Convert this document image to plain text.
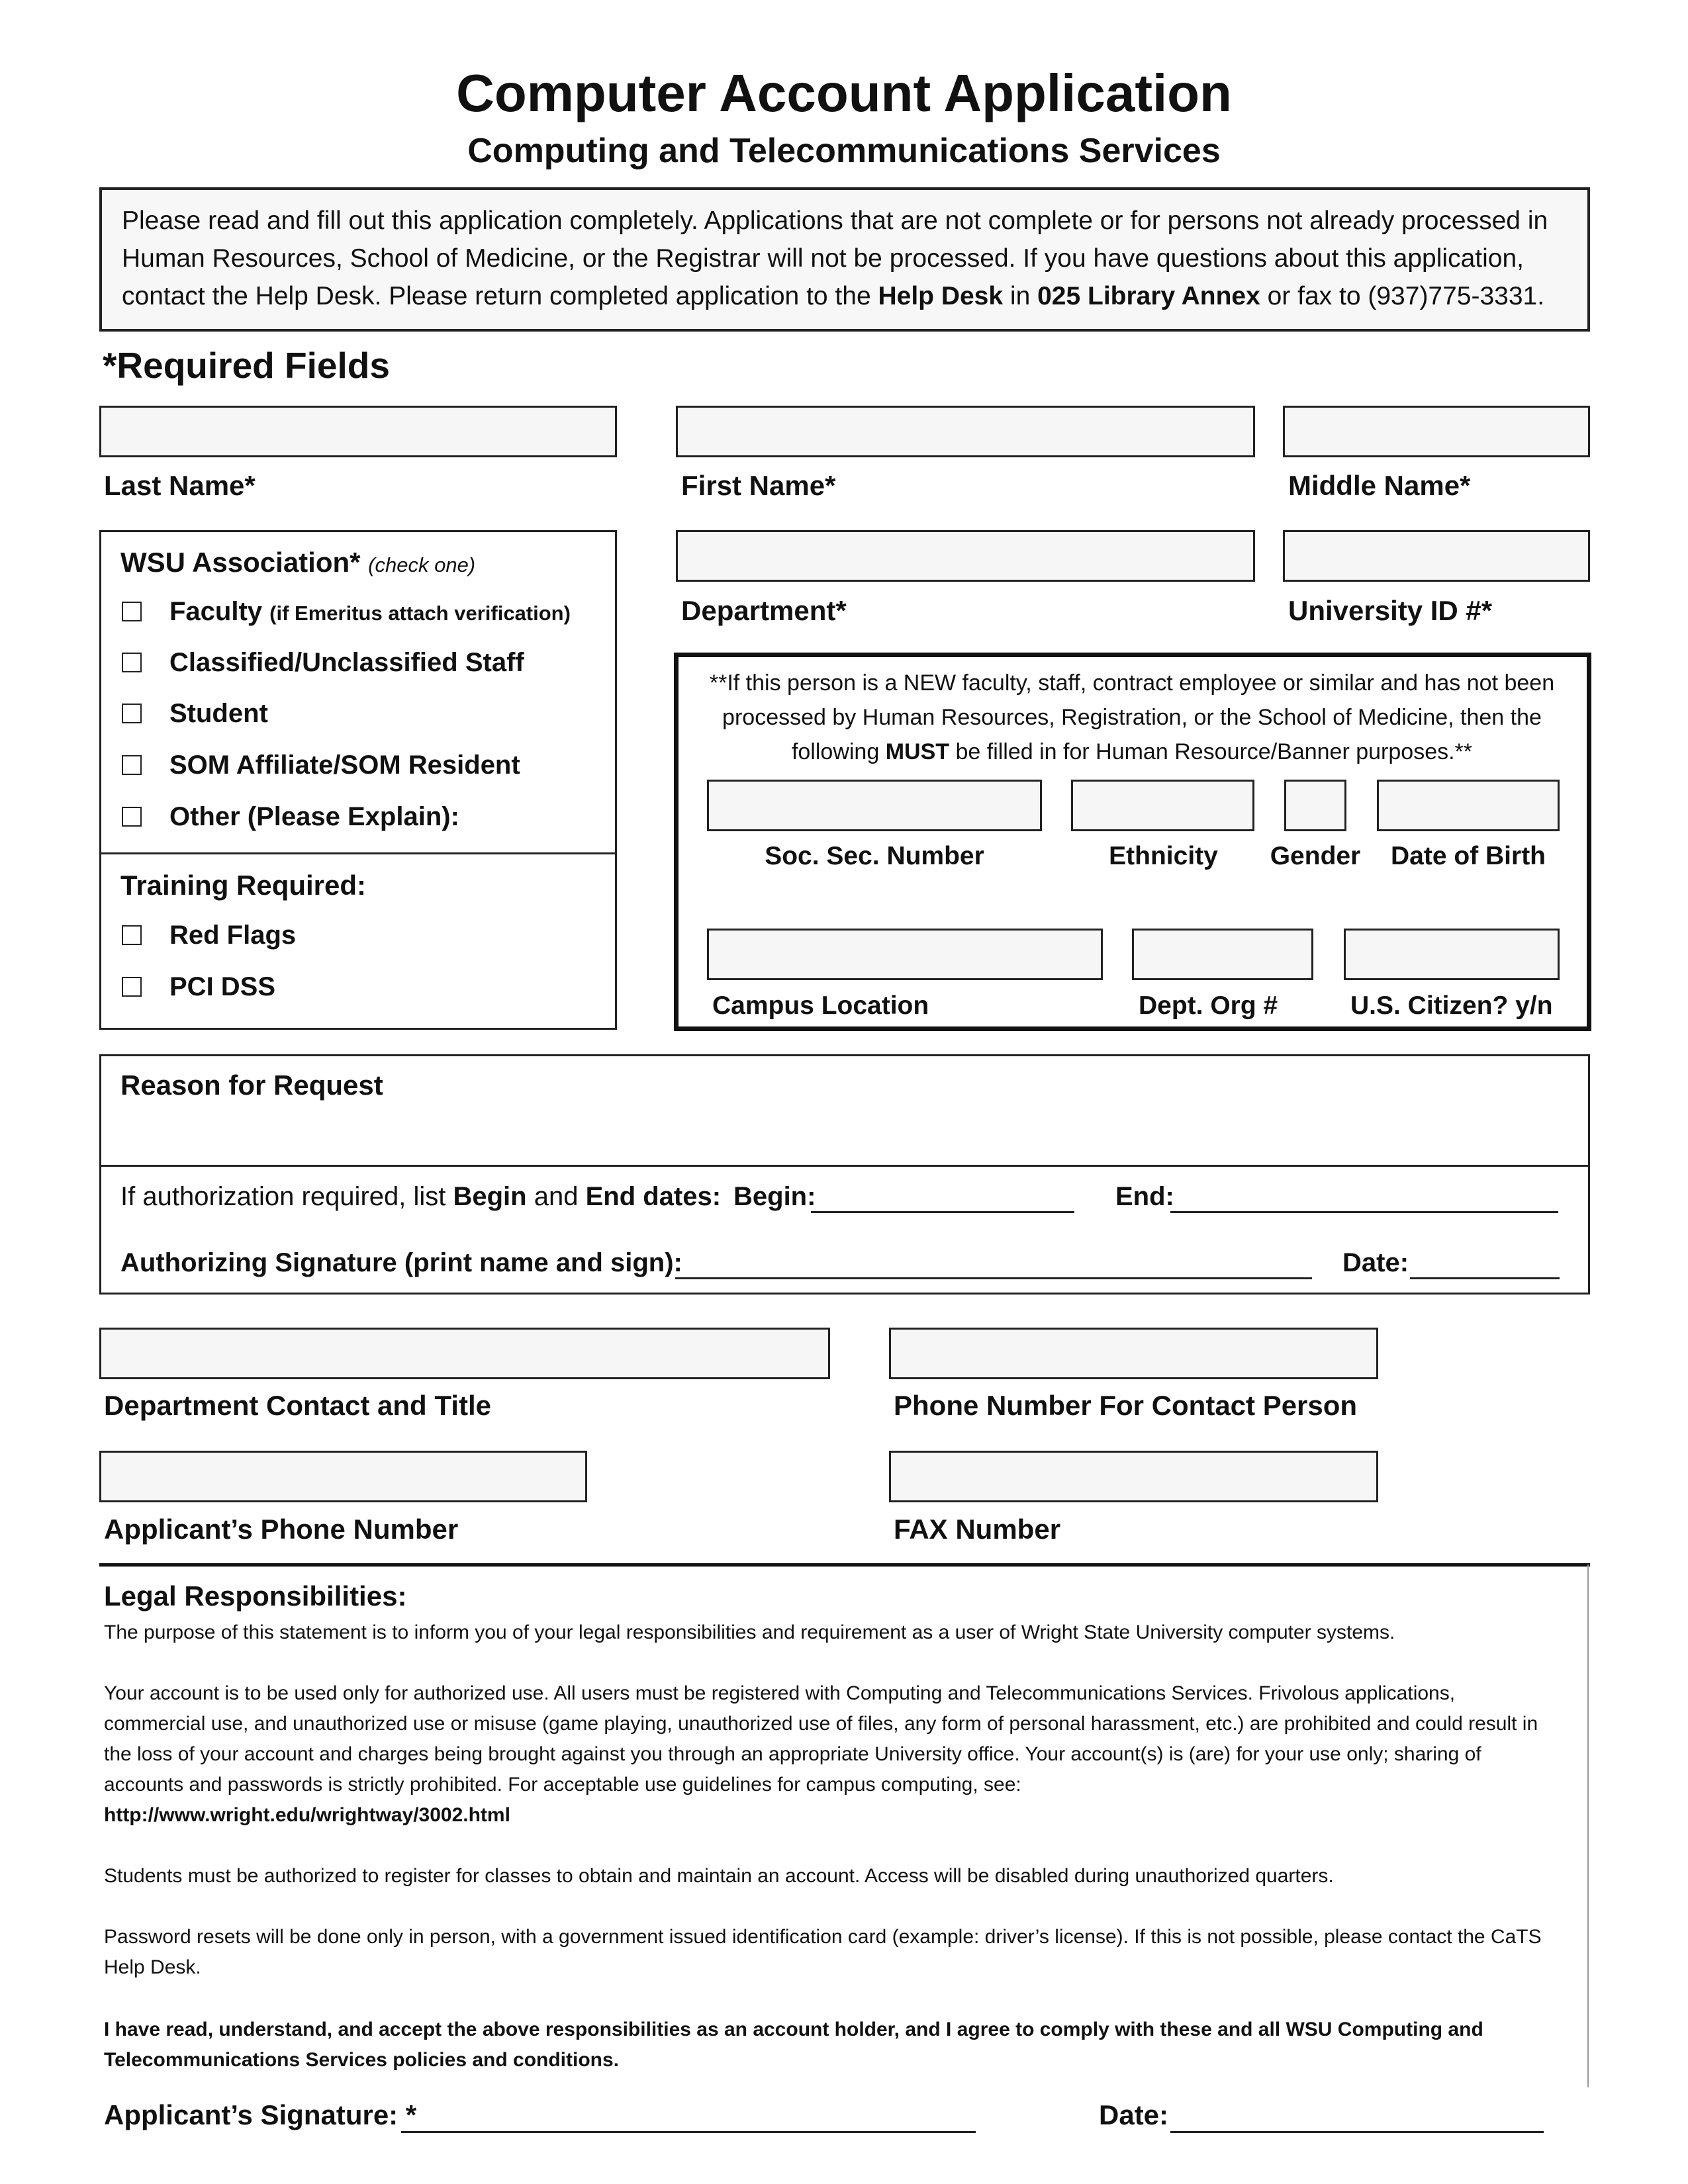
Computer Account Application
Computing and Telecommunications Services
Please read and fill out this application completely. Applications that are not complete or for persons not already processed in Human Resources, School of Medicine, or the Registrar will not be processed. If you have questions about this application, contact the Help Desk. Please return completed application to the Help Desk in 025 Library Annex or fax to (937)775-3331.
*Required Fields
Last Name*	First Name*	Middle Name*
WSU Association* (check one)
Faculty (if Emeritus attach verification)
Classified/Unclassified Staff
Student
SOM Affiliate/SOM Resident
Other (Please Explain):
Training Required:
Red Flags
PCI DSS
Department*	University ID #*
**If this person is a NEW faculty, staff, contract employee or similar and has not been processed by Human Resources, Registration, or the School of Medicine, then the following MUST be filled in for Human Resource/Banner purposes.**
Soc. Sec. Number	Ethnicity	Gender	Date of Birth
Campus Location	Dept. Org #	U.S. Citizen? y/n
Reason for Request
If authorization required, list Begin and End dates: Begin:	End:
Authorizing Signature (print name and sign):	Date:
Department Contact and Title	Phone Number For Contact Person
Applicant’s Phone Number	FAX Number
Legal Responsibilities:
The purpose of this statement is to inform you of your legal responsibilities and requirement as a user of Wright State University computer systems.
Your account is to be used only for authorized use. All users must be registered with Computing and Telecommunications Services. Frivolous applications, commercial use, and unauthorized use or misuse (game playing, unauthorized use of files, any form of personal harassment, etc.) are prohibited and could result in the loss of your account and charges being brought against you through an appropriate University office. Your account(s) is (are) for your use only; sharing of accounts and passwords is strictly prohibited. For acceptable use guidelines for campus computing, see:
http://www.wright.edu/wrightway/3002.html
Students must be authorized to register for classes to obtain and maintain an account. Access will be disabled during unauthorized quarters.
Password resets will be done only in person, with a government issued identification card (example: driver’s license). If this is not possible, please contact the CaTS Help Desk.
I have read, understand, and accept the above responsibilities as an account holder, and I agree to comply with these and all WSU Computing and Telecommunications Services policies and conditions.
Applicant’s Signature: *	Date:
